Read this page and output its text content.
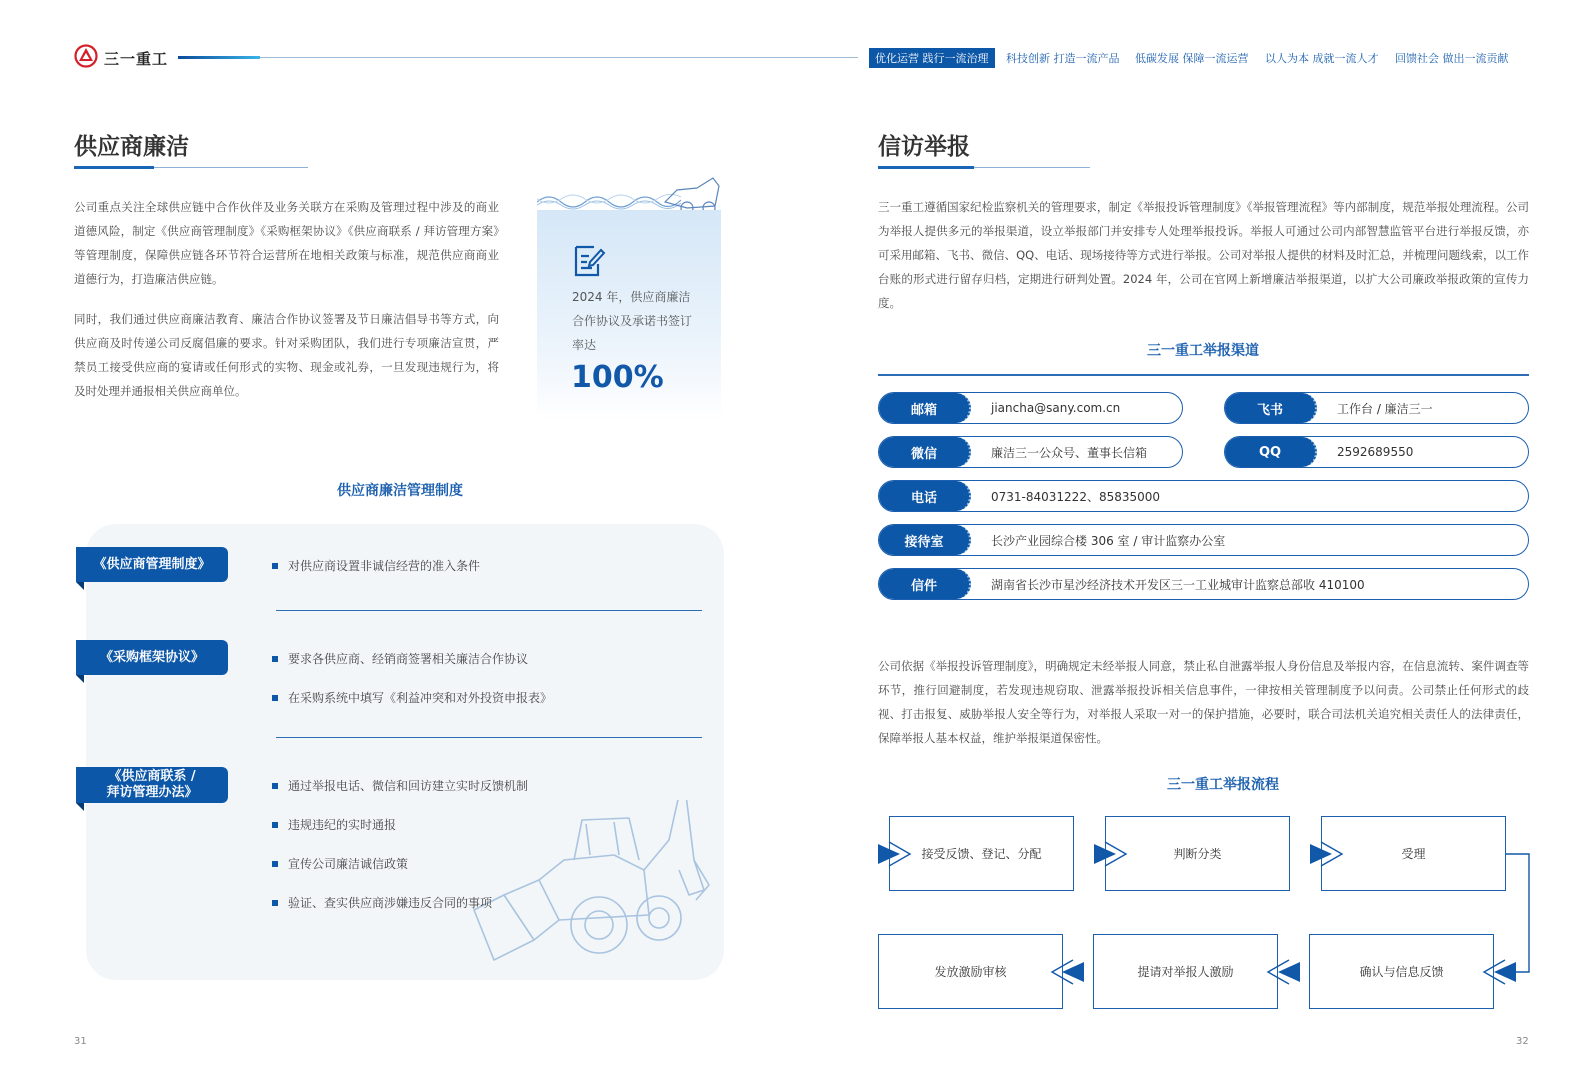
三一重工	优化运营 践行一流治理	科技创新 打造一流产品 低碳发展 保障一流运营 以人为本 成就一流人才 回馈社会 做出一流贡献
供应商廉洁
公司重点关注全球供应链中合作伙伴及业务关联方在采购及管理过程中涉及的商业道德风险，制定《供应商管理制度》《采购框架协议》《供应商联系 / 拜访管理方案》等管理制度，保障供应链各环节符合运营所在地相关政策与标准，规范供应商商业道德行为，打造廉洁供应链。
同时，我们通过供应商廉洁教育、廉洁合作协议签署及节日廉洁倡导书等方式，向供应商及时传递公司反腐倡廉的要求。针对采购团队，我们进行专项廉洁宣贯，严禁员工接受供应商的宴请或任何形式的实物、现金或礼券，一旦发现违规行为，将及时处理并通报相关供应商单位。
2024 年，供应商廉洁合作协议及承诺书签订率达
100%
供应商廉洁管理制度
《供应商管理制度》	对供应商设置非诚信经营的准入条件
《采购框架协议》	要求各供应商、经销商签署相关廉洁合作协议
在采购系统中填写《利益冲突和对外投资申报表》
《供应商联系 /
拜访管理办法》	通过举报电话、微信和回访建立实时反馈机制
违规违纪的实时通报
宣传公司廉洁诚信政策
验证、查实供应商涉嫌违反合同的事项
31
信访举报
三一重工遵循国家纪检监察机关的管理要求，制定《举报投诉管理制度》《举报管理流程》等内部制度，规范举报处理流程。公司为举报人提供多元的举报渠道，设立举报部门并安排专人处理举报投诉。举报人可通过公司内部智慧监管平台进行举报反馈，亦可采用邮箱、飞书、微信、QQ、电话、现场接待等方式进行举报。公司对举报人提供的材料及时汇总，并梳理问题线索，以工作台账的形式进行留存归档，定期进行研判处置。2024 年，公司在官网上新增廉洁举报渠道，以扩大公司廉政举报政策的宣传力度。
三一重工举报渠道
邮箱	jiancha@sany.com.cn	飞书	工作台 / 廉洁三一
微信	廉洁三一公众号、董事长信箱	QQ	2592689550
电话	0731-84031222、85835000
接待室	长沙产业园综合楼 306 室 / 审计监察办公室
信件	湖南省长沙市星沙经济技术开发区三一工业城审计监察总部收 410100
公司依据《举报投诉管理制度》，明确规定未经举报人同意，禁止私自泄露举报人身份信息及举报内容，在信息流转、案件调查等环节，推行回避制度，若发现违规窃取、泄露举报投诉相关信息事件，一律按相关管理制度予以问责。公司禁止任何形式的歧视、打击报复、威胁举报人安全等行为，对举报人采取一对一的保护措施，必要时，联合司法机关追究相关责任人的法律责任，保障举报人基本权益，维护举报渠道保密性。
三一重工举报流程
接受反馈、登记、分配	判断分类	受理
确认与信息反馈
提请对举报人激励
发放激励审核
32
